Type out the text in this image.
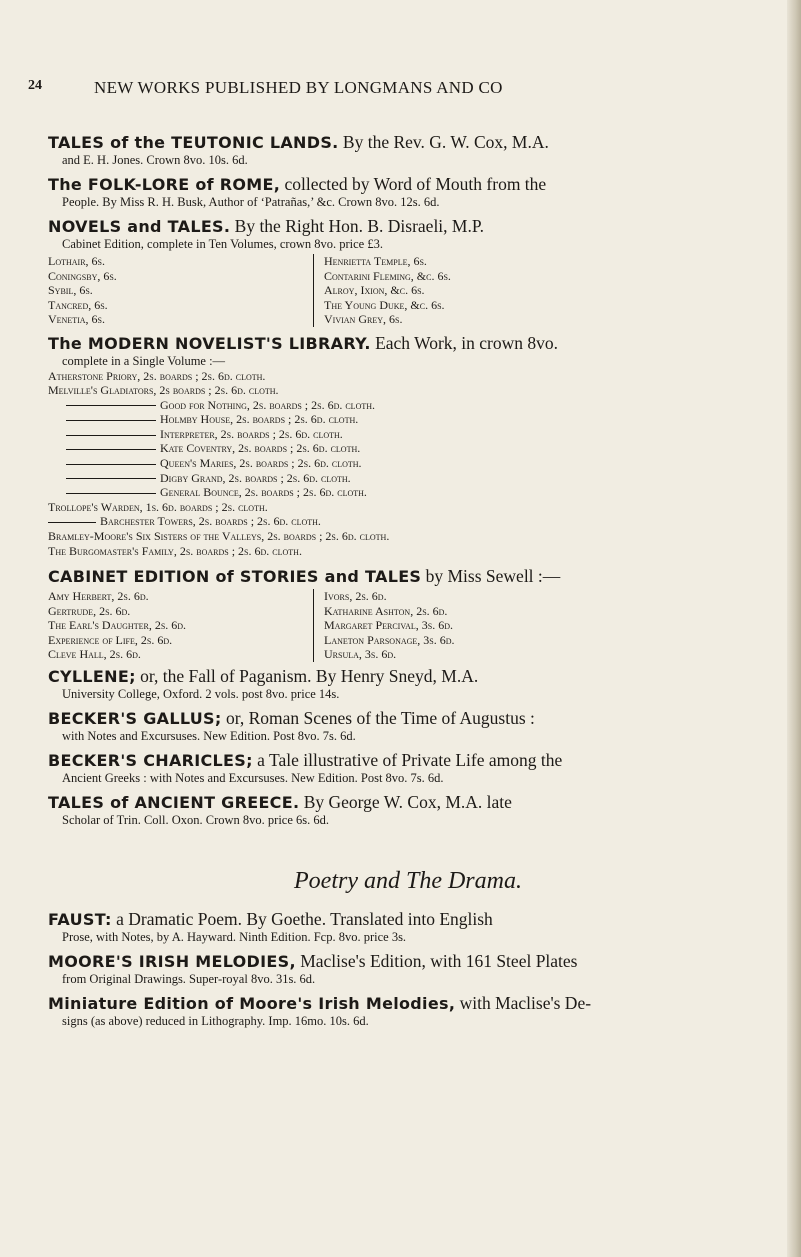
24	NEW WORKS PUBLISHED BY LONGMANS AND CO
TALES of the TEUTONIC LANDS. By the Rev. G. W. Cox, M.A.
and E. H. Jones. Crown 8vo. 10s. 6d.
The FOLK-LORE of ROME, collected by Word of Mouth from the
People. By Miss R. H. Busk, Author of ‘Patrañas,’ &c. Crown 8vo. 12s. 6d.
NOVELS and TALES. By the Right Hon. B. Disraeli, M.P.
Cabinet Edition, complete in Ten Volumes, crown 8vo. price £3.
Lothair, 6s.
Coningsby, 6s.
Sybil, 6s.
Tancred, 6s.
Venetia, 6s.
Henrietta Temple, 6s.
Contarini Fleming, &c. 6s.
Alroy, Ixion, &c. 6s.
The Young Duke, &c. 6s.
Vivian Grey, 6s.
The MODERN NOVELIST'S LIBRARY. Each Work, in crown 8vo.
complete in a Single Volume :—
Atherstone Priory, 2s. boards ; 2s. 6d. cloth.
Melville's Gladiators, 2s boards ; 2s. 6d. cloth.
Good for Nothing, 2s. boards ; 2s. 6d. cloth.
Holmby House, 2s. boards ; 2s. 6d. cloth.
Interpreter, 2s. boards ; 2s. 6d. cloth.
Kate Coventry, 2s. boards ; 2s. 6d. cloth.
Queen's Maries, 2s. boards ; 2s. 6d. cloth.
Digby Grand, 2s. boards ; 2s. 6d. cloth.
General Bounce, 2s. boards ; 2s. 6d. cloth.
Trollope's Warden, 1s. 6d. boards ; 2s. cloth.
Barchester Towers, 2s. boards ; 2s. 6d. cloth.
Bramley-Moore's Six Sisters of the Valleys, 2s. boards ; 2s. 6d. cloth.
The Burgomaster's Family, 2s. boards ; 2s. 6d. cloth.
CABINET EDITION of STORIES and TALES by Miss Sewell :—
Amy Herbert, 2s. 6d.
Gertrude, 2s. 6d.
The Earl's Daughter, 2s. 6d.
Experience of Life, 2s. 6d.
Cleve Hall, 2s. 6d.
Ivors, 2s. 6d.
Katharine Ashton, 2s. 6d.
Margaret Percival, 3s. 6d.
Laneton Parsonage, 3s. 6d.
Ursula, 3s. 6d.
CYLLENE; or, the Fall of Paganism. By Henry Sneyd, M.A.
University College, Oxford. 2 vols. post 8vo. price 14s.
BECKER'S GALLUS; or, Roman Scenes of the Time of Augustus :
with Notes and Excursuses. New Edition. Post 8vo. 7s. 6d.
BECKER'S CHARICLES; a Tale illustrative of Private Life among the
Ancient Greeks : with Notes and Excursuses. New Edition. Post 8vo. 7s. 6d.
TALES of ANCIENT GREECE. By George W. Cox, M.A. late
Scholar of Trin. Coll. Oxon. Crown 8vo. price 6s. 6d.
Poetry and The Drama.
FAUST: a Dramatic Poem. By Goethe. Translated into English
Prose, with Notes, by A. Hayward. Ninth Edition. Fcp. 8vo. price 3s.
MOORE'S IRISH MELODIES, Maclise's Edition, with 161 Steel Plates
from Original Drawings. Super-royal 8vo. 31s. 6d.
Miniature Edition of Moore's Irish Melodies, with Maclise's De-
signs (as above) reduced in Lithography. Imp. 16mo. 10s. 6d.
